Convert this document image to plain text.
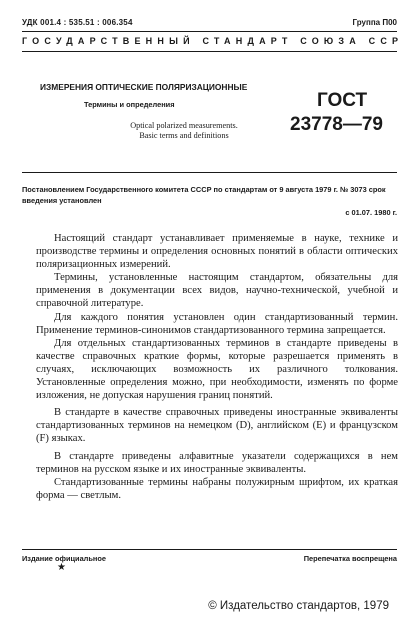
УДК 001.4 : 535.51 : 006.354	Группа П00
ГОСУДАРСТВЕННЫЙ СТАНДАРТ СОЮЗА ССР
ИЗМЕРЕНИЯ ОПТИЧЕСКИЕ ПОЛЯРИЗАЦИОННЫЕ
Термины и определения
Optical polarized measurements.
Basic terms and definitions
ГОСТ
23778—79
Постановлением Государственного комитета СССР по стандартам от 9 августа 1979 г. № 3073 срок введения установлен
с 01.07. 1980 г.

Настоящий стандарт устанавливает применяемые в науке, технике и производстве термины и определения основных понятий в области оптических поляризационных измерений.

Термины, установленные настоящим стандартом, обязательны для применения в документации всех видов, научно-технической, учебной и справочной литературе.

Для каждого понятия установлен один стандартизованный термин. Применение терминов-синонимов стандартизованного термина запрещается.

Для отдельных стандартизованных терминов в стандарте приведены в качестве справочных краткие формы, которые разрешается применять в случаях, исключающих возможность их различного толкования. Установленные определения можно, при необходимости, изменять по форме изложения, не допуская нарушения границ понятий.

В стандарте в качестве справочных приведены иностранные эквиваленты стандартизованных терминов на немецком (D), английском (E) и французском (F) языках.

В стандарте приведены алфавитные указатели содержащихся в нем терминов на русском языке и их иностранные эквиваленты.

Стандартизованные термины набраны полужирным шрифтом, их краткая форма — светлым.

Издание официальное
★
Перепечатка воспрещена
© Издательство стандартов, 1979
